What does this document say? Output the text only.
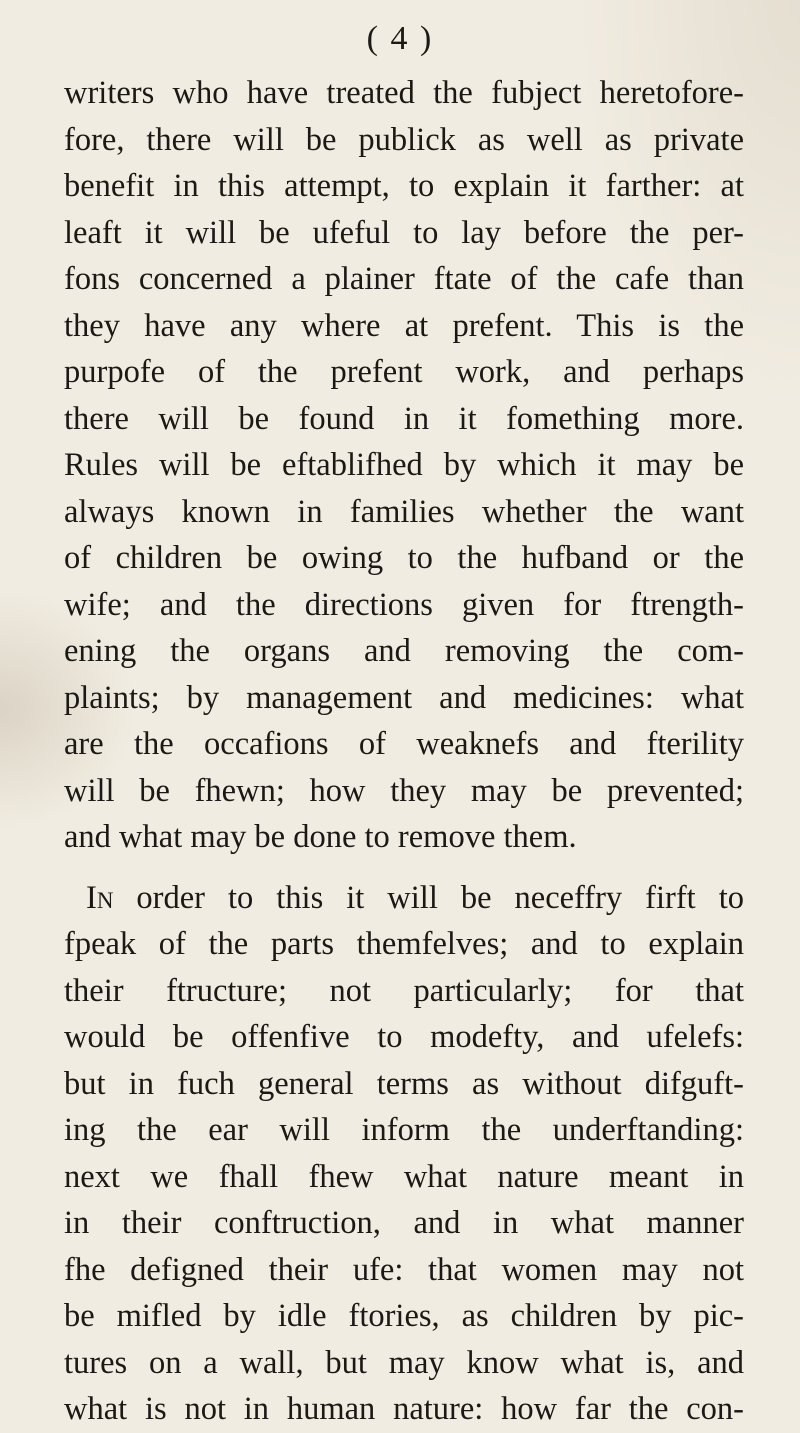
( 4 )
writers who have treated the fubject heretofore-
fore, there will be publick as well as private
benefit in this attempt, to explain it farther: at
leaft it will be ufeful to lay before the per-
fons concerned a plainer ftate of the cafe than
they have any where at prefent. This is the
purpofe of the prefent work, and perhaps
there will be found in it fomething more.
Rules will be eftablifhed by which it may be
always known in families whether the want
of children be owing to the hufband or the
wife; and the directions given for ftrength-
ening the organs and removing the com-
plaints; by management and medicines: what
are the occafions of weaknefs and fterility
will be fhewn; how they may be prevented;
and what may be done to remove them.
In order to this it will be neceffry firft to
fpeak of the parts themfelves; and to explain
their ftructure; not particularly; for that
would be offenfive to modefty, and ufelefs:
but in fuch general terms as without difguft-
ing the ear will inform the underftanding:
next we fhall fhew what nature meant in
in their conftruction, and in what manner
fhe defigned their ufe: that women may not
be mifled by idle ftories, as children by pic-
tures on a wall, but may know what is, and
what is not in human nature: how far the con-
